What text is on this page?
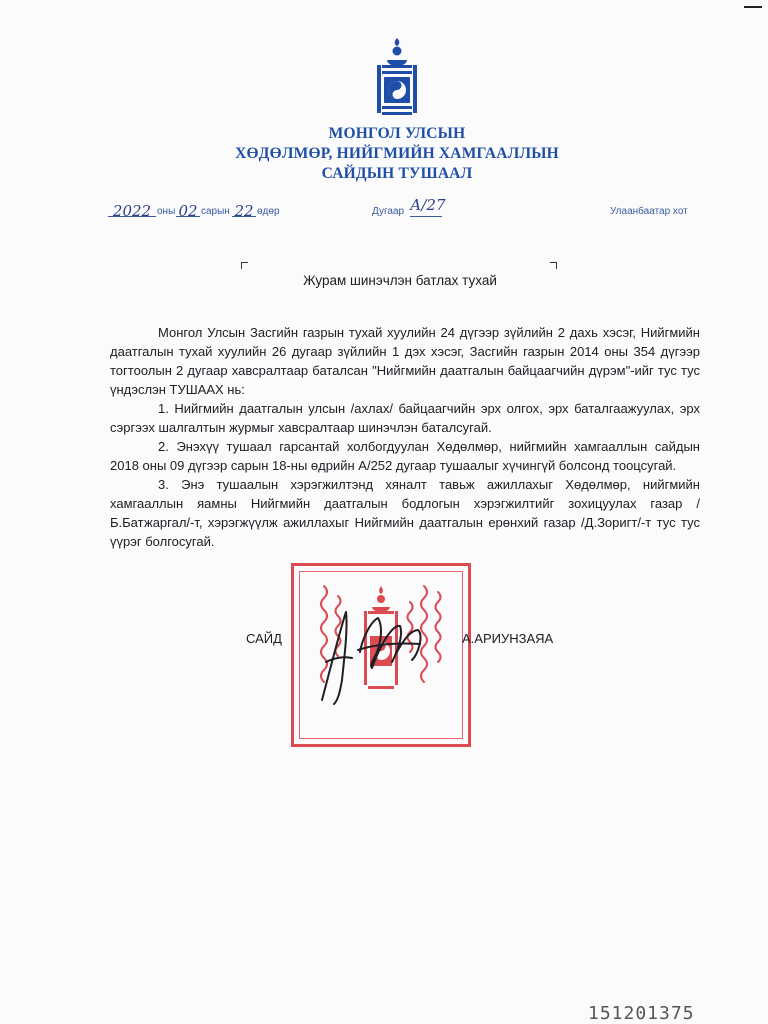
МОНГОЛ УЛСЫН
ХӨДӨЛМӨР, НИЙГМИЙН ХАМГААЛЛЫН
САЙДЫН ТУШААЛ
2022 оны 02 сарын 22 өдөр	Дугаар А/27	Улаанбаатар хот
Журам шинэчлэн батлах тухай

Монгол Улсын Засгийн газрын тухай хуулийн 24 дүгээр зүйлийн 2 дахь хэсэг, Нийгмийн даатгалын тухай хуулийн 26 дугаар зүйлийн 1 дэх хэсэг, Засгийн газрын 2014 оны 354 дүгээр тогтоолын 2 дугаар хавсралтаар баталсан "Нийгмийн даатгалын байцаагчийн дүрэм"-ийг тус тус үндэслэн ТУШААХ нь:

1. Нийгмийн даатгалын улсын /ахлах/ байцаагчийн эрх олгох, эрх баталгаажуулах, эрх сэргээх шалгалтын журмыг хавсралтаар шинэчлэн баталсугай.

2. Энэхүү тушаал гарсантай холбогдуулан Хөдөлмөр, нийгмийн хамгааллын сайдын 2018 оны 09 дүгээр сарын 18-ны өдрийн А/252 дугаар тушаалыг хүчингүй болсонд тооцсугай.

3. Энэ тушаалын хэрэгжилтэнд хяналт тавьж ажиллахыг Хөдөлмөр, нийгмийн хамгааллын яамны Нийгмийн даатгалын бодлогын хэрэгжилтийг зохицуулах газар /Б.Батжаргал/-т, хэрэгжүүлж ажиллахыг Нийгмийн даатгалын ерөнхий газар /Д.Зоригт/-т тус тус үүрэг болгосугай.

САЙД	А.АРИУНЗАЯА
151201375
